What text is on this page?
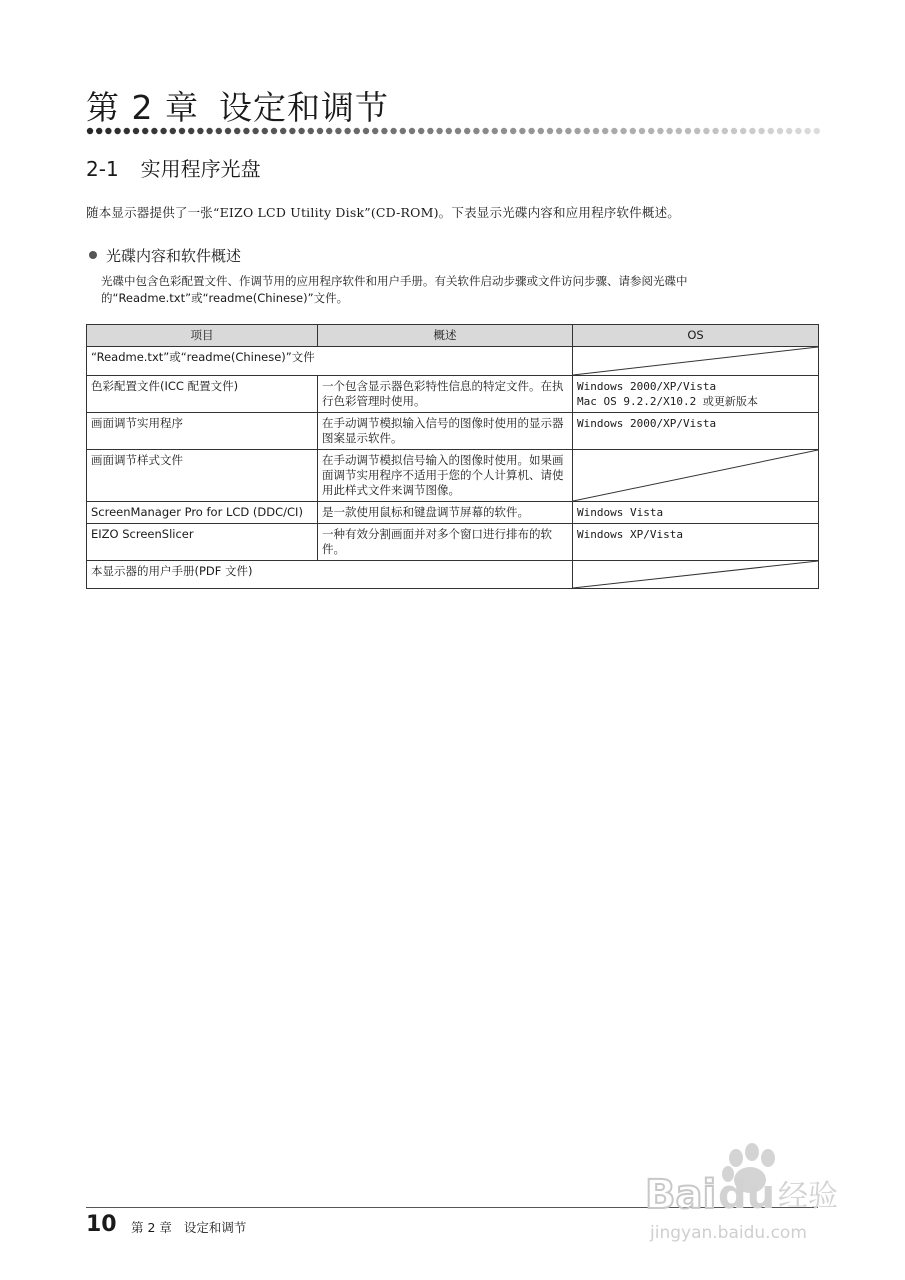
第 2 章 设定和调节
2-1 实用程序光盘

随本显示器提供了一张“EIZO LCD Utility Disk”(CD-ROM)。下表显示光碟内容和应用程序软件概述。

光碟内容和软件概述

光碟中包含色彩配置文件、作调节用的应用程序软件和用户手册。有关软件启动步骤或文件访问步骤、请参阅光碟中的“Readme.txt”或“readme(Chinese)”文件。

项目	概述	OS
“Readme.txt”或“readme(Chinese)”文件	

色彩配置文件(ICC 配置文件)	一个包含显示器色彩特性信息的特定文件。在执行色彩管理时使用。	Windows 2000/XP/Vista
Mac OS 9.2.2/X10.2 或更新版本
画面调节实用程序	在手动调节模拟输入信号的图像时使用的显示器图案显示软件。	Windows 2000/XP/Vista
画面调节样式文件	在手动调节模拟信号输入的图像时使用。如果画面调节实用程序不适用于您的个人计算机、请使用此样式文件来调节图像。	

ScreenManager Pro for LCD (DDC/CI)	是一款使用鼠标和键盘调节屏幕的软件。	Windows Vista
EIZO ScreenSlicer	一种有效分割画面并对多个窗口进行排布的软件。	Windows XP/Vista
本显示器的用户手册(PDF 文件)	
10 第 2 章 设定和调节
Bai du 经验
jingyan.baidu.com
